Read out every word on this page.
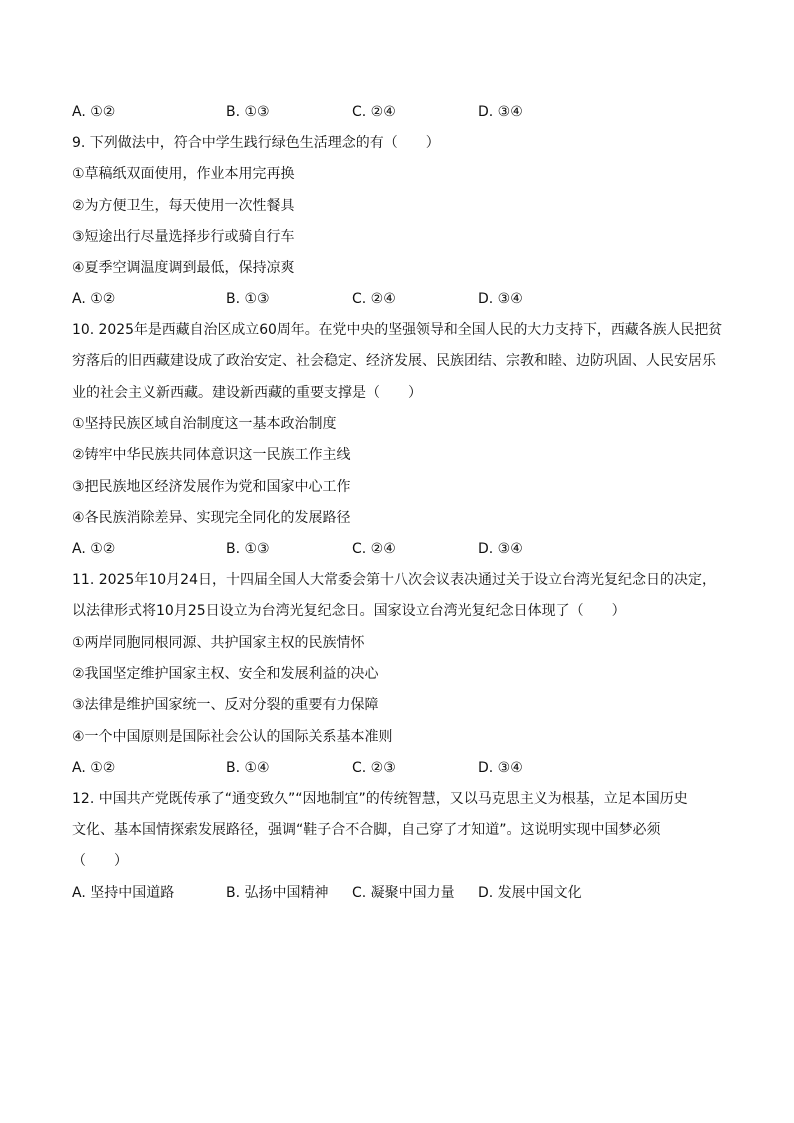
A. ①②	B. ①③	C. ②④	D. ③④
9. 下列做法中，符合中学生践行绿色生活理念的有（　　）
①草稿纸双面使用，作业本用完再换
②为方便卫生，每天使用一次性餐具
③短途出行尽量选择步行或骑自行车
④夏季空调温度调到最低，保持凉爽
A. ①②	B. ①③	C. ②④	D. ③④
10. 2025年是西藏自治区成立60周年。在党中央的坚强领导和全国人民的大力支持下，西藏各族人民把贫
穷落后的旧西藏建设成了政治安定、社会稳定、经济发展、民族团结、宗教和睦、边防巩固、人民安居乐
业的社会主义新西藏。建设新西藏的重要支撑是（　　）
①坚持民族区域自治制度这一基本政治制度
②铸牢中华民族共同体意识这一民族工作主线
③把民族地区经济发展作为党和国家中心工作
④各民族消除差异、实现完全同化的发展路径
A. ①②	B. ①③	C. ②④	D. ③④
11. 2025年10月24日，十四届全国人大常委会第十八次会议表决通过关于设立台湾光复纪念日的决定，
以法律形式将10月25日设立为台湾光复纪念日。国家设立台湾光复纪念日体现了（　　）
①两岸同胞同根同源、共护国家主权的民族情怀
②我国坚定维护国家主权、安全和发展利益的决心
③法律是维护国家统一、反对分裂的重要有力保障
④一个中国原则是国际社会公认的国际关系基本准则
A. ①②	B. ①④	C. ②③	D. ③④
12. 中国共产党既传承了“通变致久”“因地制宜”的传统智慧，又以马克思主义为根基，立足本国历史
文化、基本国情探索发展路径，强调“鞋子合不合脚，自己穿了才知道”。这说明实现中国梦必须
（　　）
A. 坚持中国道路	B. 弘扬中国精神 C. 凝聚中国力量 D. 发展中国文化
